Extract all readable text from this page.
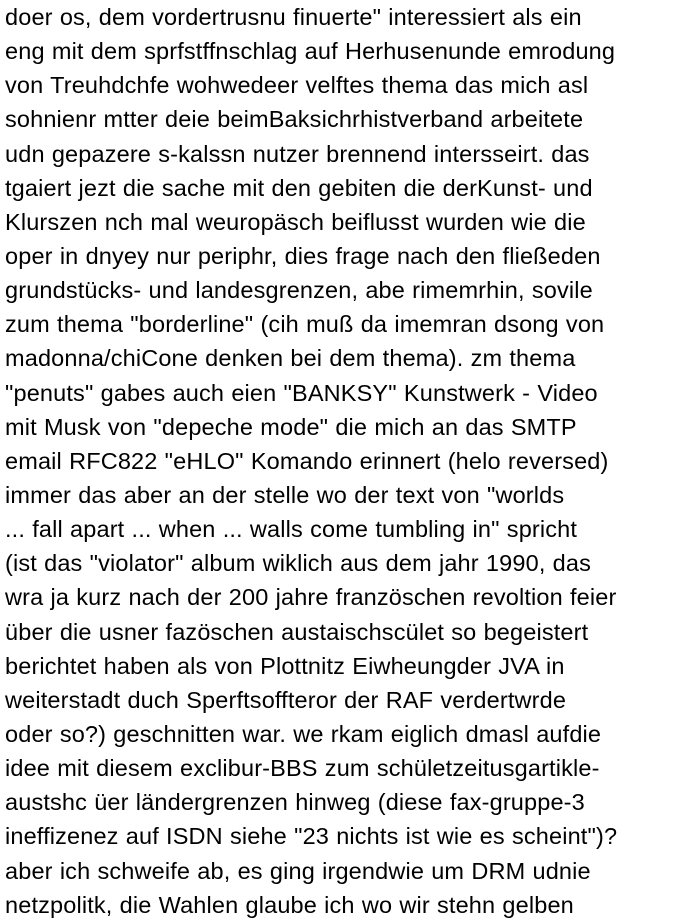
doer os, dem vordertrusnu finuerte" interessiert als ein
eng mit dem sprfstffnschlag auf Herhusenunde emrodung
von Treuhdchfe wohwedeer velftes thema das mich asl
sohnienr mtter deie beimBaksichrhistverband arbeitete
udn gepazere s-kalssn nutzer brennend intersseirt. das
tgaiert jezt die sache mit den gebiten die derKunst- und
Klurszen nch mal weuropäsch beiflusst wurden wie die
oper in dnyey nur periphr, dies frage nach den fließeden
grundstücks- und landesgrenzen, abe rimemrhin, sovile
zum thema "borderline" (cih muß da imemran dsong von
madonna/chiCone denken bei dem thema). zm thema
"penuts" gabes auch eien "BANKSY" Kunstwerk - Video
mit Musk von "depeche mode" die mich an das SMTP
email RFC822 "eHLO" Komando erinnert (helo reversed)
immer das aber an der stelle wo der text von "worlds
... fall apart ... when ... walls come tumbling in" spricht
(ist das "violator" album wiklich aus dem jahr 1990, das
wra ja kurz nach der 200 jahre französchen revoltion feier
über die usner fazöschen austaischscület so begeistert
berichtet haben als von Plottnitz Eiwheungder JVA in
weiterstadt duch Sperftsoffteror der RAF verdertwrde
oder so?) geschnitten war. we rkam eiglich dmasl aufdie
idee mit diesem exclibur-BBS zum schületzeitusgartikle-
austshc üer ländergrenzen hinweg (diese fax-gruppe-3
ineffizenez auf ISDN siehe "23 nichts ist wie es scheint")?
aber ich schweife ab, es ging irgendwie um DRM udnie
netzpolitk, die Wahlen glaube ich wo wir stehn gelben
